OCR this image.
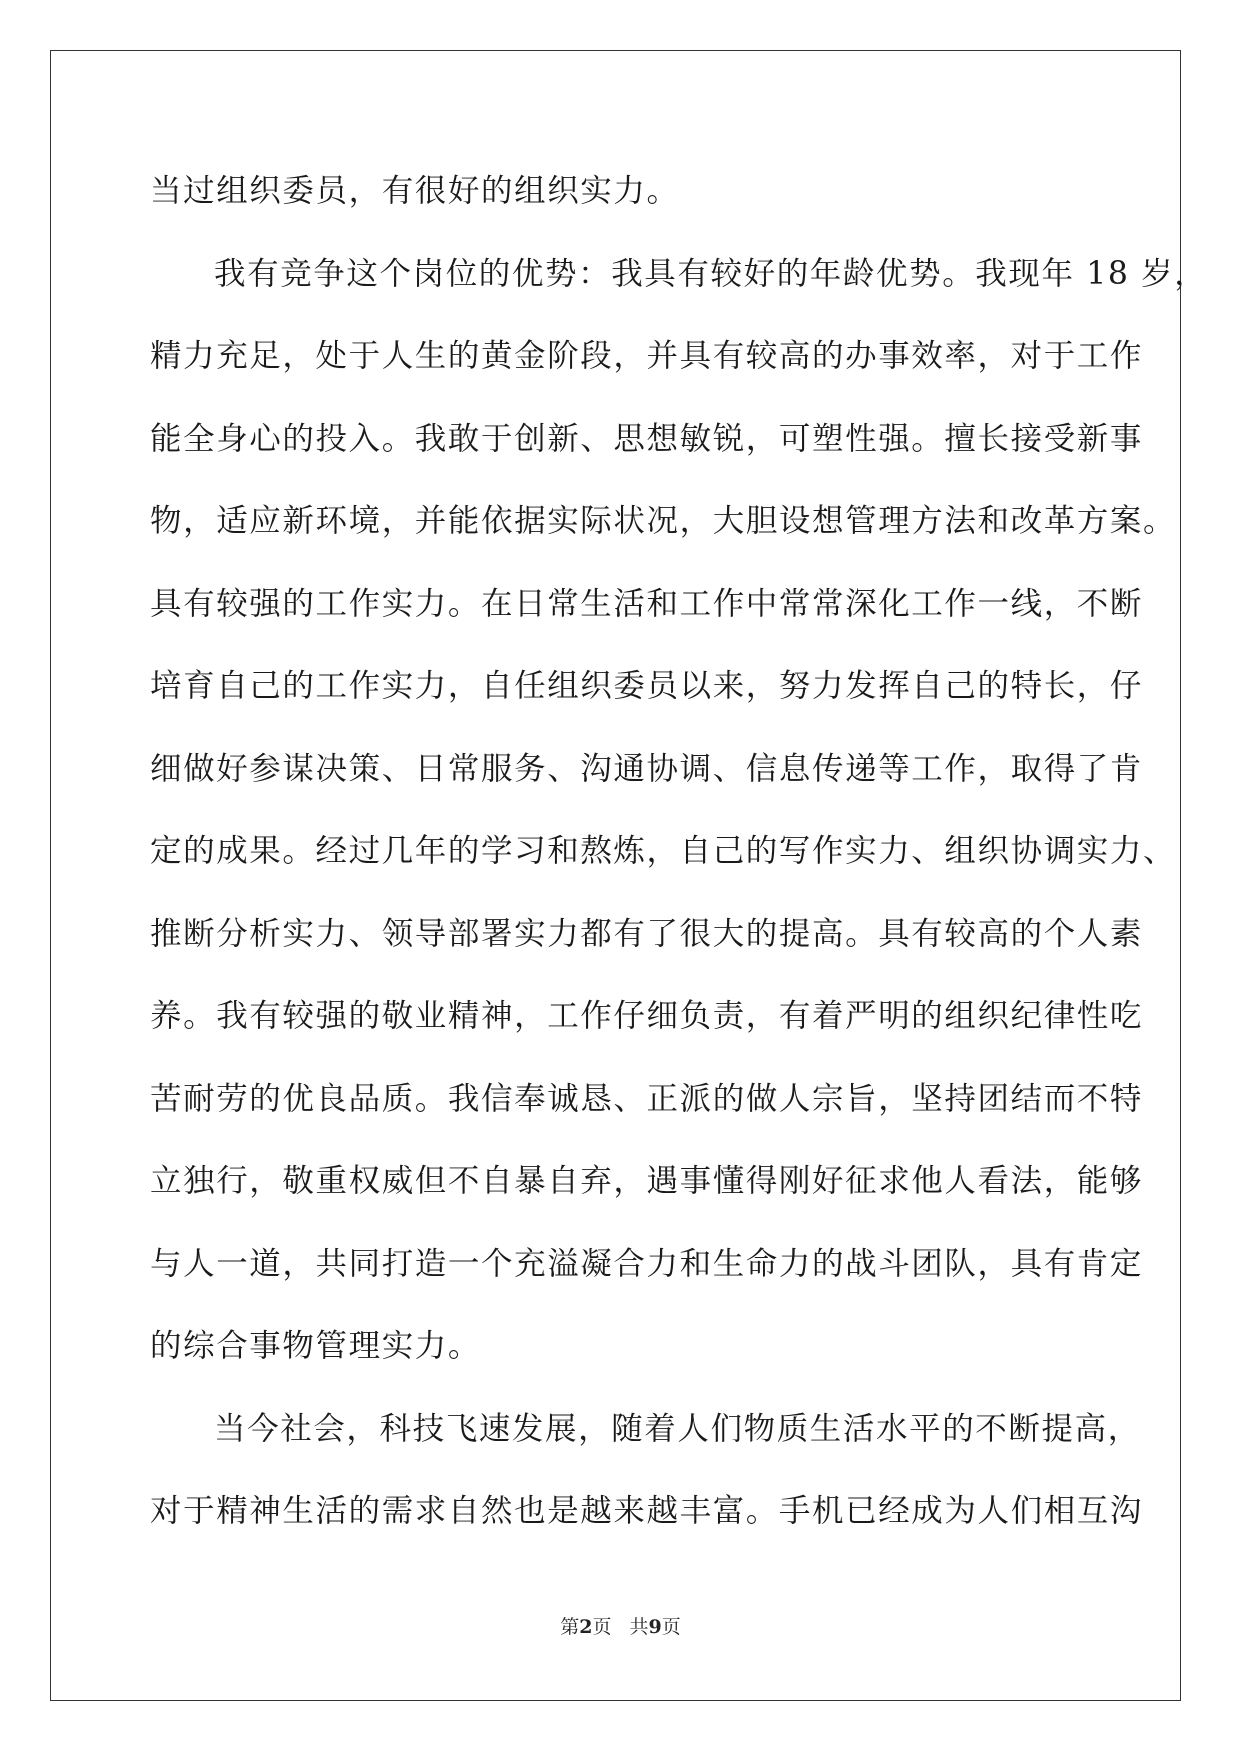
当过组织委员，有很好的组织实力。
我有竞争这个岗位的优势：我具有较好的年龄优势。我现年 18 岁，
精力充足，处于人生的黄金阶段，并具有较高的办事效率，对于工作
能全身心的投入。我敢于创新、思想敏锐，可塑性强。擅长接受新事
物，适应新环境，并能依据实际状况，大胆设想管理方法和改革方案。
具有较强的工作实力。在日常生活和工作中常常深化工作一线，不断
培育自己的工作实力，自任组织委员以来，努力发挥自己的特长，仔
细做好参谋决策、日常服务、沟通协调、信息传递等工作，取得了肯
定的成果。经过几年的学习和熬炼，自己的写作实力、组织协调实力、
推断分析实力、领导部署实力都有了很大的提高。具有较高的个人素
养。我有较强的敬业精神，工作仔细负责，有着严明的组织纪律性吃
苦耐劳的优良品质。我信奉诚恳、正派的做人宗旨，坚持团结而不特
立独行，敬重权威但不自暴自弃，遇事懂得刚好征求他人看法，能够
与人一道，共同打造一个充溢凝合力和生命力的战斗团队，具有肯定
的综合事物管理实力。
当今社会，科技飞速发展，随着人们物质生活水平的不断提高，
对于精神生活的需求自然也是越来越丰富。手机已经成为人们相互沟
第2页 共9页
